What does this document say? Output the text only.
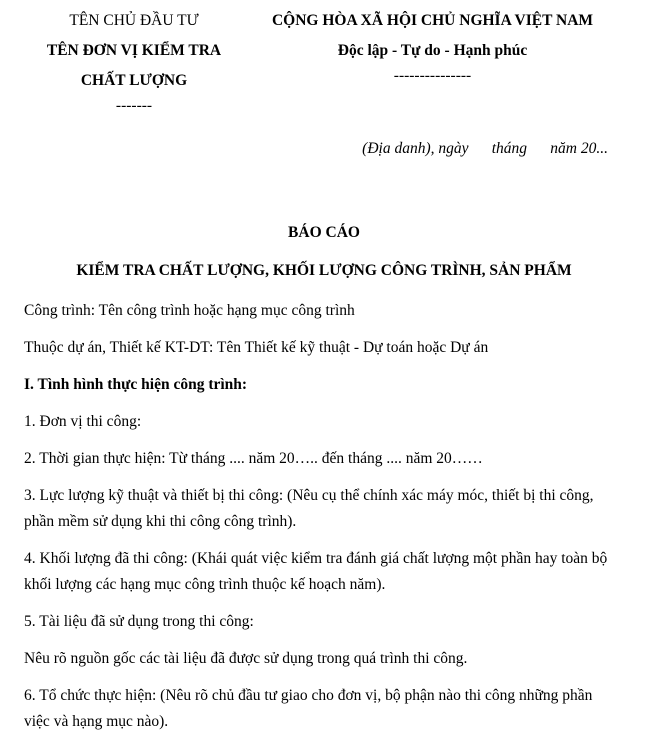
TÊN CHỦ ĐẦU TƯ
TÊN ĐƠN VỊ KIỂM TRA
CHẤT LƯỢNG
-------
CỘNG HÒA XÃ HỘI CHỦ NGHĨA VIỆT NAM
Độc lập - Tự do - Hạnh phúc
---------------
(Địa danh), ngày      tháng      năm 20...
BÁO CÁO
KIỂM TRA CHẤT LƯỢNG, KHỐI LƯỢNG CÔNG TRÌNH, SẢN PHẨM

Công trình: Tên công trình hoặc hạng mục công trình

Thuộc dự án, Thiết kế KT-DT: Tên Thiết kế kỹ thuật - Dự toán hoặc Dự án

I. Tình hình thực hiện công trình:

1. Đơn vị thi công:

2. Thời gian thực hiện: Từ tháng .... năm 20….. đến tháng .... năm 20……

3. Lực lượng kỹ thuật và thiết bị thi công: (Nêu cụ thể chính xác máy móc, thiết bị thi công, phần mềm sử dụng khi thi công công trình).

4. Khối lượng đã thi công: (Khái quát việc kiểm tra đánh giá chất lượng một phần hay toàn bộ khối lượng các hạng mục công trình thuộc kế hoạch năm).

5. Tài liệu đã sử dụng trong thi công:

Nêu rõ nguồn gốc các tài liệu đã được sử dụng trong quá trình thi công.

6. Tổ chức thực hiện: (Nêu rõ chủ đầu tư giao cho đơn vị, bộ phận nào thi công những phần việc và hạng mục nào).
